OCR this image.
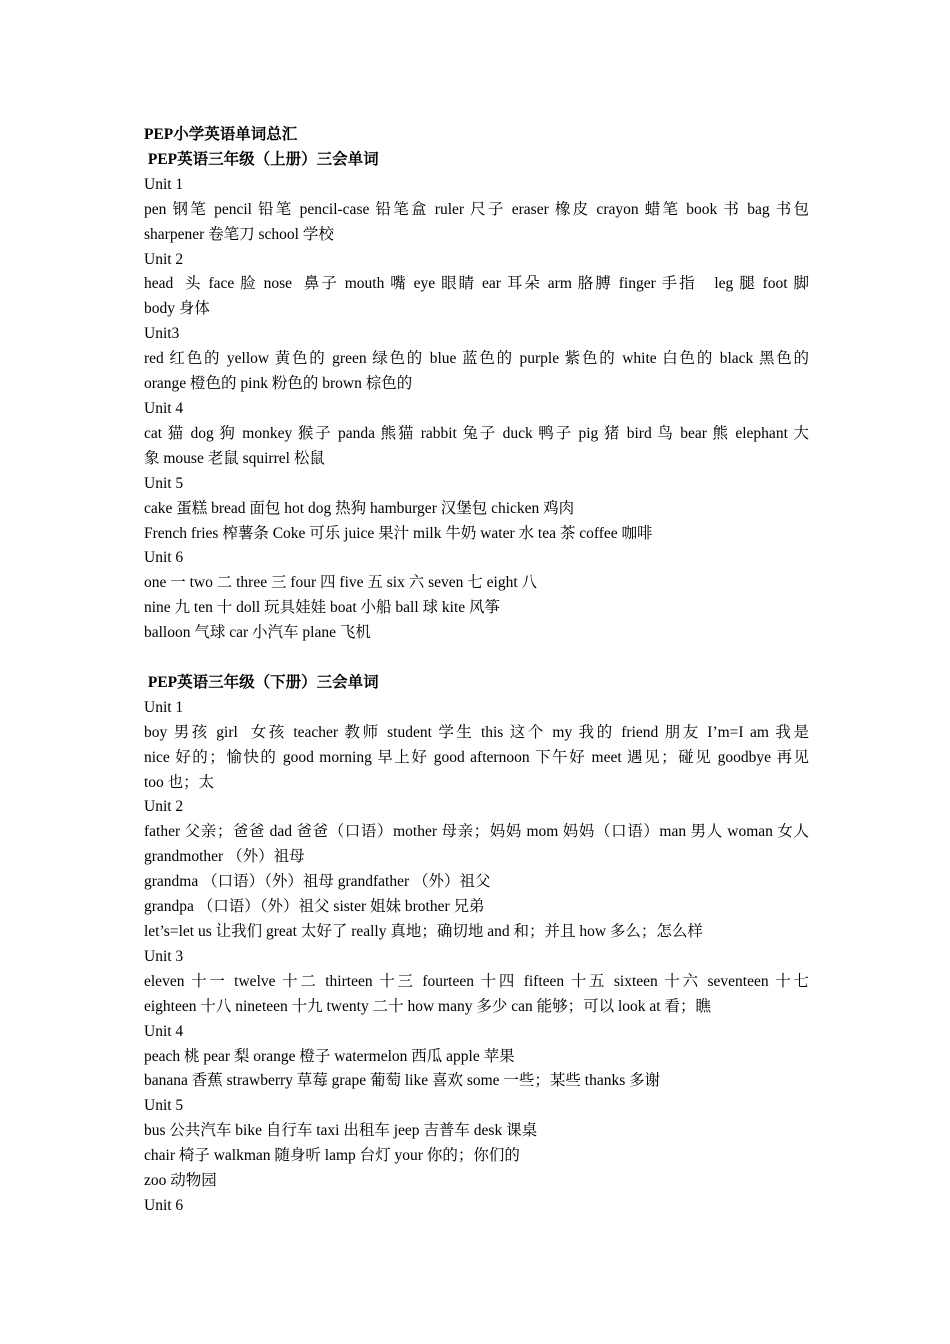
PEP小学英语单词总汇
PEP英语三年级（上册）三会单词
Unit 1
pen 钢笔 pencil 铅笔 pencil-case 铅笔盒 ruler 尺子 eraser 橡皮 crayon 蜡笔 book 书 bag 书包
sharpener 卷笔刀 school 学校
Unit 2
head  头 face 脸 nose  鼻子 mouth 嘴 eye 眼睛 ear 耳朵 arm 胳膊 finger 手指   leg 腿 foot 脚
body 身体
Unit3
red 红色的 yellow 黄色的 green 绿色的 blue 蓝色的 purple 紫色的 white 白色的 black 黑色的
orange 橙色的 pink 粉色的 brown 棕色的
Unit 4
cat 猫 dog 狗 monkey 猴子 panda 熊猫 rabbit 兔子 duck 鸭子 pig 猪 bird 鸟 bear 熊 elephant 大
象 mouse 老鼠 squirrel 松鼠
Unit 5
cake 蛋糕 bread 面包 hot dog 热狗 hamburger 汉堡包 chicken 鸡肉
French fries 榨薯条 Coke 可乐 juice 果汁 milk 牛奶 water 水 tea 茶 coffee 咖啡
Unit 6
one 一 two 二 three 三 four 四 five 五 six 六 seven 七 eight 八
nine 九 ten 十 doll 玩具娃娃 boat 小船 ball 球 kite 风筝
balloon 气球 car 小汽车 plane 飞机
PEP英语三年级（下册）三会单词
Unit 1
boy 男孩 girl  女孩 teacher 教师 student 学生 this 这个 my 我的 friend 朋友 I’m=I am 我是
nice 好的；愉快的 good morning 早上好 good afternoon 下午好 meet 遇见；碰见 goodbye 再见
too 也；太
Unit 2
father 父亲；爸爸 dad 爸爸（口语）mother 母亲；妈妈 mom 妈妈（口语）man 男人 woman 女人
grandmother （外）祖母
grandma （口语）（外）祖母 grandfather （外）祖父
grandpa （口语）（外）祖父 sister 姐妹 brother 兄弟
let’s=let us 让我们 great 太好了 really 真地；确切地 and 和；并且 how 多么；怎么样
Unit 3
eleven 十一 twelve 十二 thirteen 十三 fourteen 十四 fifteen 十五 sixteen 十六 seventeen 十七
eighteen 十八 nineteen 十九 twenty 二十 how many 多少 can 能够；可以 look at 看；瞧
Unit 4
peach 桃 pear 梨 orange 橙子 watermelon 西瓜 apple 苹果
banana 香蕉 strawberry 草莓 grape 葡萄 like 喜欢 some 一些；某些 thanks 多谢
Unit 5
bus 公共汽车 bike 自行车 taxi 出租车 jeep 吉普车 desk 课桌
chair 椅子 walkman 随身听 lamp 台灯 your 你的；你们的
zoo 动物园
Unit 6
